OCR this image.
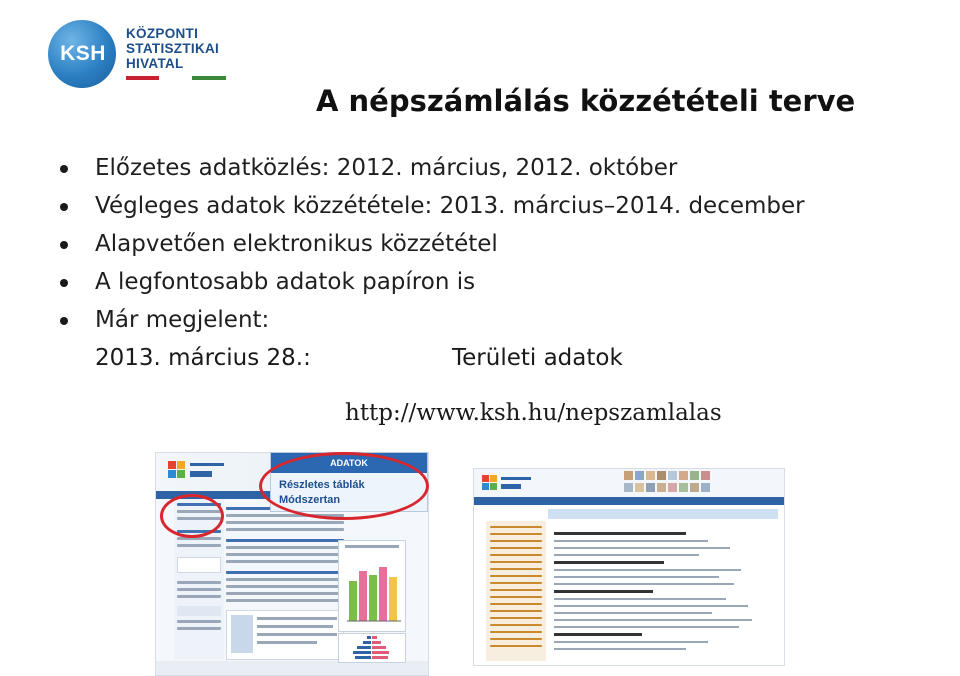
KSH
KÖZPONTI
STATISZTIKAI
HIVATAL
A népszámlálás közzétételi terve
Előzetes adatközlés: 2012. március, 2012. október
Végleges adatok közzététele: 2013. március–2014. december
Alapvetően elektronikus közzététel
A legfontosabb adatok papíron is
Már megjelent:
2013. március 28.:	Területi adatok
http://www.ksh.hu/nepszamlalas
ADATOK
Részletes táblák
Módszertan
